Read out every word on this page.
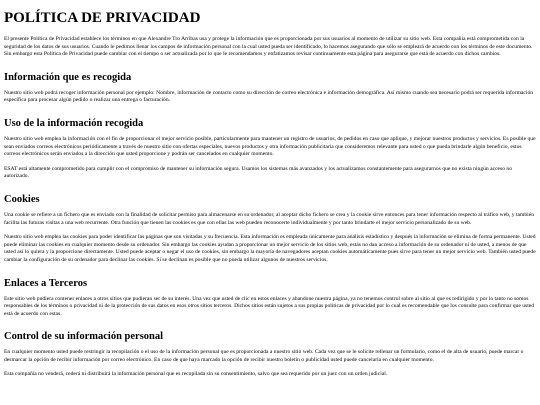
POLÍTICA DE PRIVACIDAD

El presente Política de Privacidad establece los términos en que Alexandre Tro Arribas usa y protege la información que es proporcionada por sus usuarios al momento de utilizar su sitio web. Esta compañía está comprometida con la seguridad de los datos de sus usuarios. Cuando le pedimos llenar los campos de información personal con la cual usted pueda ser identificado, lo hacemos asegurando que sólo se empleará de acuerdo con los términos de este documento. Sin embargo esta Política de Privacidad puede cambiar con el tiempo o ser actualizada por lo que le recomendamos y enfatizamos revisar continuamente esta página para asegurarse que está de acuerdo con dichos cambios.

Información que es recogida

Nuestro sitio web podrá recoger información personal por ejemplo: Nombre, información de contacto como su dirección de correo electrónica e información demográfica. Así mismo cuando sea necesario podrá ser requerida información específica para procesar algún pedido o realizar una entrega o facturación.

Uso de la información recogida

Nuestro sitio web emplea la información con el fin de proporcionar el mejor servicio posible, particularmente para mantener un registro de usuarios, de pedidos en caso que aplique, y mejorar nuestros productos y servicios. Es posible que sean enviados correos electrónicos periódicamente a través de nuestro sitio con ofertas especiales, nuevos productos y otra información publicitaria que consideremos relevante para usted o que pueda brindarle algún beneficio, estos correos electrónicos serán enviados a la dirección que usted proporcione y podrán ser cancelados en cualquier momento.

ESAT está altamente comprometido para cumplir con el compromiso de mantener su información segura. Usamos los sistemas más avanzados y los actualizamos constantemente para asegurarnos que no exista ningún acceso no autorizado.

Cookies

Una cookie se refiere a un fichero que es enviado con la finalidad de solicitar permiso para almacenarse en su ordenador, al aceptar dicho fichero se crea y la cookie sirve entonces para tener información respecto al tráfico web, y también facilita las futuras visitas a una web recurrente. Otra función que tienen las cookies es que con ellas las web pueden reconocerte individualmente y por tanto brindarte el mejor servicio personalizado de su web.

Nuestro sitio web emplea las cookies para poder identificar las páginas que son visitadas y su frecuencia. Esta información es empleada únicamente para análisis estadístico y después la información se elimina de forma permanente. Usted puede eliminar las cookies en cualquier momento desde su ordenador. Sin embargo las cookies ayudan a proporcionar un mejor servicio de los sitios web, estás no dan acceso a información de su ordenador ni de usted, a menos de que usted así lo quiera y la proporcione directamente. Usted puede aceptar o negar el uso de cookies, sin embargo la mayoría de navegadores aceptan cookies automáticamente pues sirve para tener un mejor servicio web. También usted puede cambiar la configuración de su ordenador para declinar las cookies. Si se declinan es posible que no pueda utilizar algunos de nuestros servicios.

Enlaces a Terceros

Este sitio web pudiera contener enlaces a otros sitios que pudieran ser de su interés. Una vez que usted de clic en estos enlaces y abandone nuestra página, ya no tenemos control sobre al sitio al que es redirigido y por lo tanto no somos responsables de los términos o privacidad ni de la protección de sus datos en esos otros sitios terceros. Dichos sitios están sujetos a sus propias políticas de privacidad por lo cual es recomendable que los consulte para confirmar que usted está de acuerdo con estas.

Control de su información personal

En cualquier momento usted puede restringir la recopilación o el uso de la información personal que es proporcionada a nuestro sitio web. Cada vez que se le solicite rellenar un formulario, como el de alta de usuario, puede marcar o desmarcar la opción de recibir información por correo electrónico. En caso de que haya marcado la opción de recibir nuestro boletín o publicidad usted puede cancelarla en cualquier momento.

Esta compañía no venderá, cederá ni distribuirá la información personal que es recopilada sin su consentimiento, salvo que sea requerido por un juez con un orden judicial.
